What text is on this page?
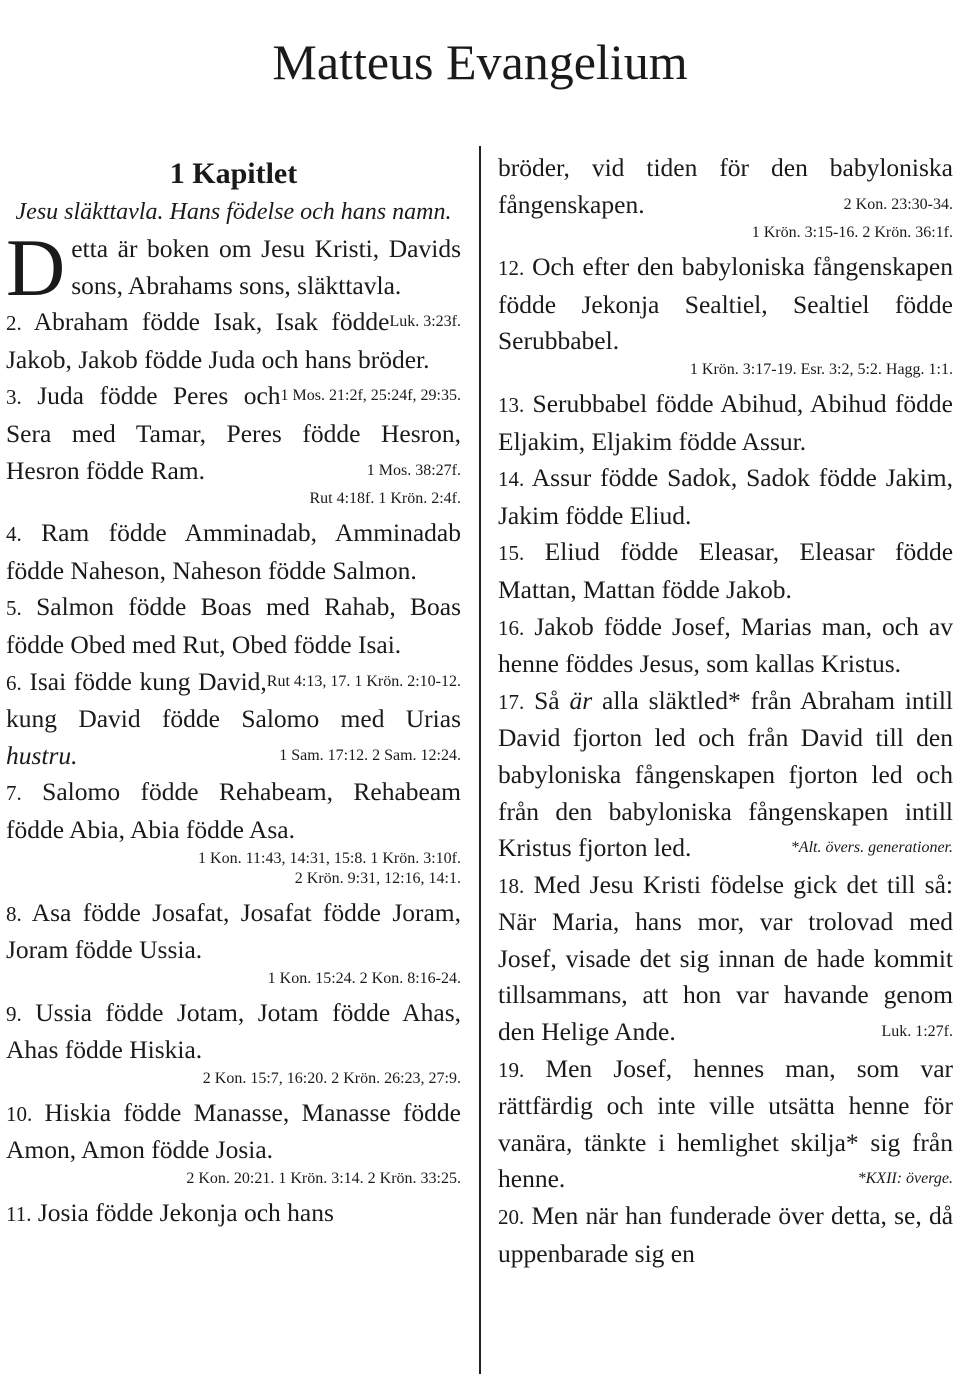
Matteus Evangelium

1 Kapitlet

Jesu släkttavla. Hans födelse och hans namn.

Detta är boken om Jesu Kristi, Davids sons, Abrahams sons, släkttavla.
Luk. 3:23f.

2. Abraham födde Isak, Isak födde Jakob, Jakob födde Juda och hans bröder.
1 Mos. 21:2f, 25:24f, 29:35.

3. Juda födde Peres och Sera med Tamar, Peres födde Hesron, Hesron födde Ram.	1 Mos. 38:27f.

Rut 4:18f. 1 Krön. 2:4f.

4. Ram födde Amminadab, Amminadab födde Naheson, Naheson födde Salmon.

5. Salmon födde Boas med Rahab, Boas födde Obed med Rut, Obed födde Isai.
Rut 4:13, 17. 1 Krön. 2:10-12.

6. Isai födde kung David, kung David födde Salomo med Urias hustru.	1 Sam. 17:12. 2 Sam. 12:24.

7. Salomo födde Rehabeam, Rehabeam födde Abia, Abia födde Asa.

1 Kon. 11:43, 14:31, 15:8. 1 Krön. 3:10f.

2 Krön. 9:31, 12:16, 14:1.

8. Asa födde Josafat, Josafat födde Joram, Joram födde Ussia.

1 Kon. 15:24. 2 Kon. 8:16-24.

9. Ussia födde Jotam, Jotam födde Ahas, Ahas födde Hiskia.

2 Kon. 15:7, 16:20. 2 Krön. 26:23, 27:9.

10. Hiskia födde Manasse, Manasse födde Amon, Amon födde Josia.

2 Kon. 20:21. 1 Krön. 3:14. 2 Krön. 33:25.

11. Josia födde Jekonja och hans

bröder, vid tiden för den babyloniska fångenskapen.	2 Kon. 23:30-34.

1 Krön. 3:15-16. 2 Krön. 36:1f.

12. Och efter den babyloniska fångenskapen födde Jekonja Sealtiel, Sealtiel födde Serubbabel.

1 Krön. 3:17-19. Esr. 3:2, 5:2. Hagg. 1:1.

13. Serubbabel födde Abihud, Abihud födde Eljakim, Eljakim födde Assur.

14. Assur födde Sadok, Sadok födde Jakim, Jakim födde Eliud.

15. Eliud födde Eleasar, Eleasar födde Mattan, Mattan födde Jakob.

16. Jakob födde Josef, Marias man, och av henne föddes Jesus, som kallas Kristus.

17. Så är alla släktled* från Abraham intill David fjorton led och från David till den babyloniska fångenskapen fjorton led och från den babyloniska fångenskapen intill Kristus fjorton led.	*Alt. övers. generationer.

18. Med Jesu Kristi födelse gick det till så: När Maria, hans mor, var trolovad med Josef, visade det sig innan de hade kommit tillsammans, att hon var havande genom den Helige Ande.	Luk. 1:27f.

19. Men Josef, hennes man, som var rättfärdig och inte ville utsätta henne för vanära, tänkte i hemlighet skilja* sig från henne.	*KXII: överge.

20. Men när han funderade över detta, se, då uppenbarade sig en
